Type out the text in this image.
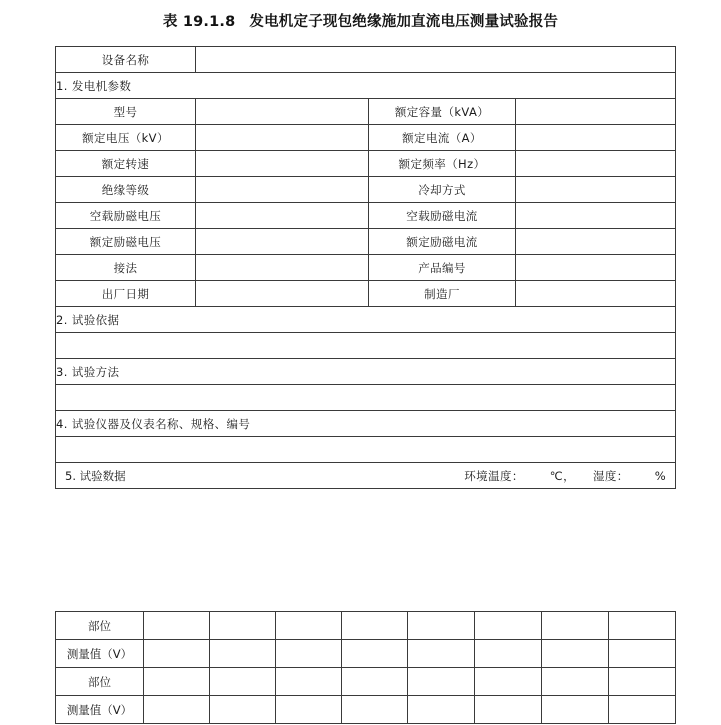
表 19.1.8 发电机定子现包绝缘施加直流电压测量试验报告
设备名称			
1. 发电机参数			
型号		额定容量（kVA）	
额定电压（kV）		额定电流（A）	
额定转速		额定频率（Hz）	
绝缘等级		冷却方式	
空载励磁电压		空载励磁电流	
额定励磁电压		额定励磁电流	
接法		产品编号	
出厂日期		制造厂	
2. 试验依据			

3. 试验方法			

4. 试验仪器及仪表名称、规格、编号			

5. 试验数据 环境温度： ℃， 湿度： %			
部位								
测量值（V）								
部位								
测量值（V）								
